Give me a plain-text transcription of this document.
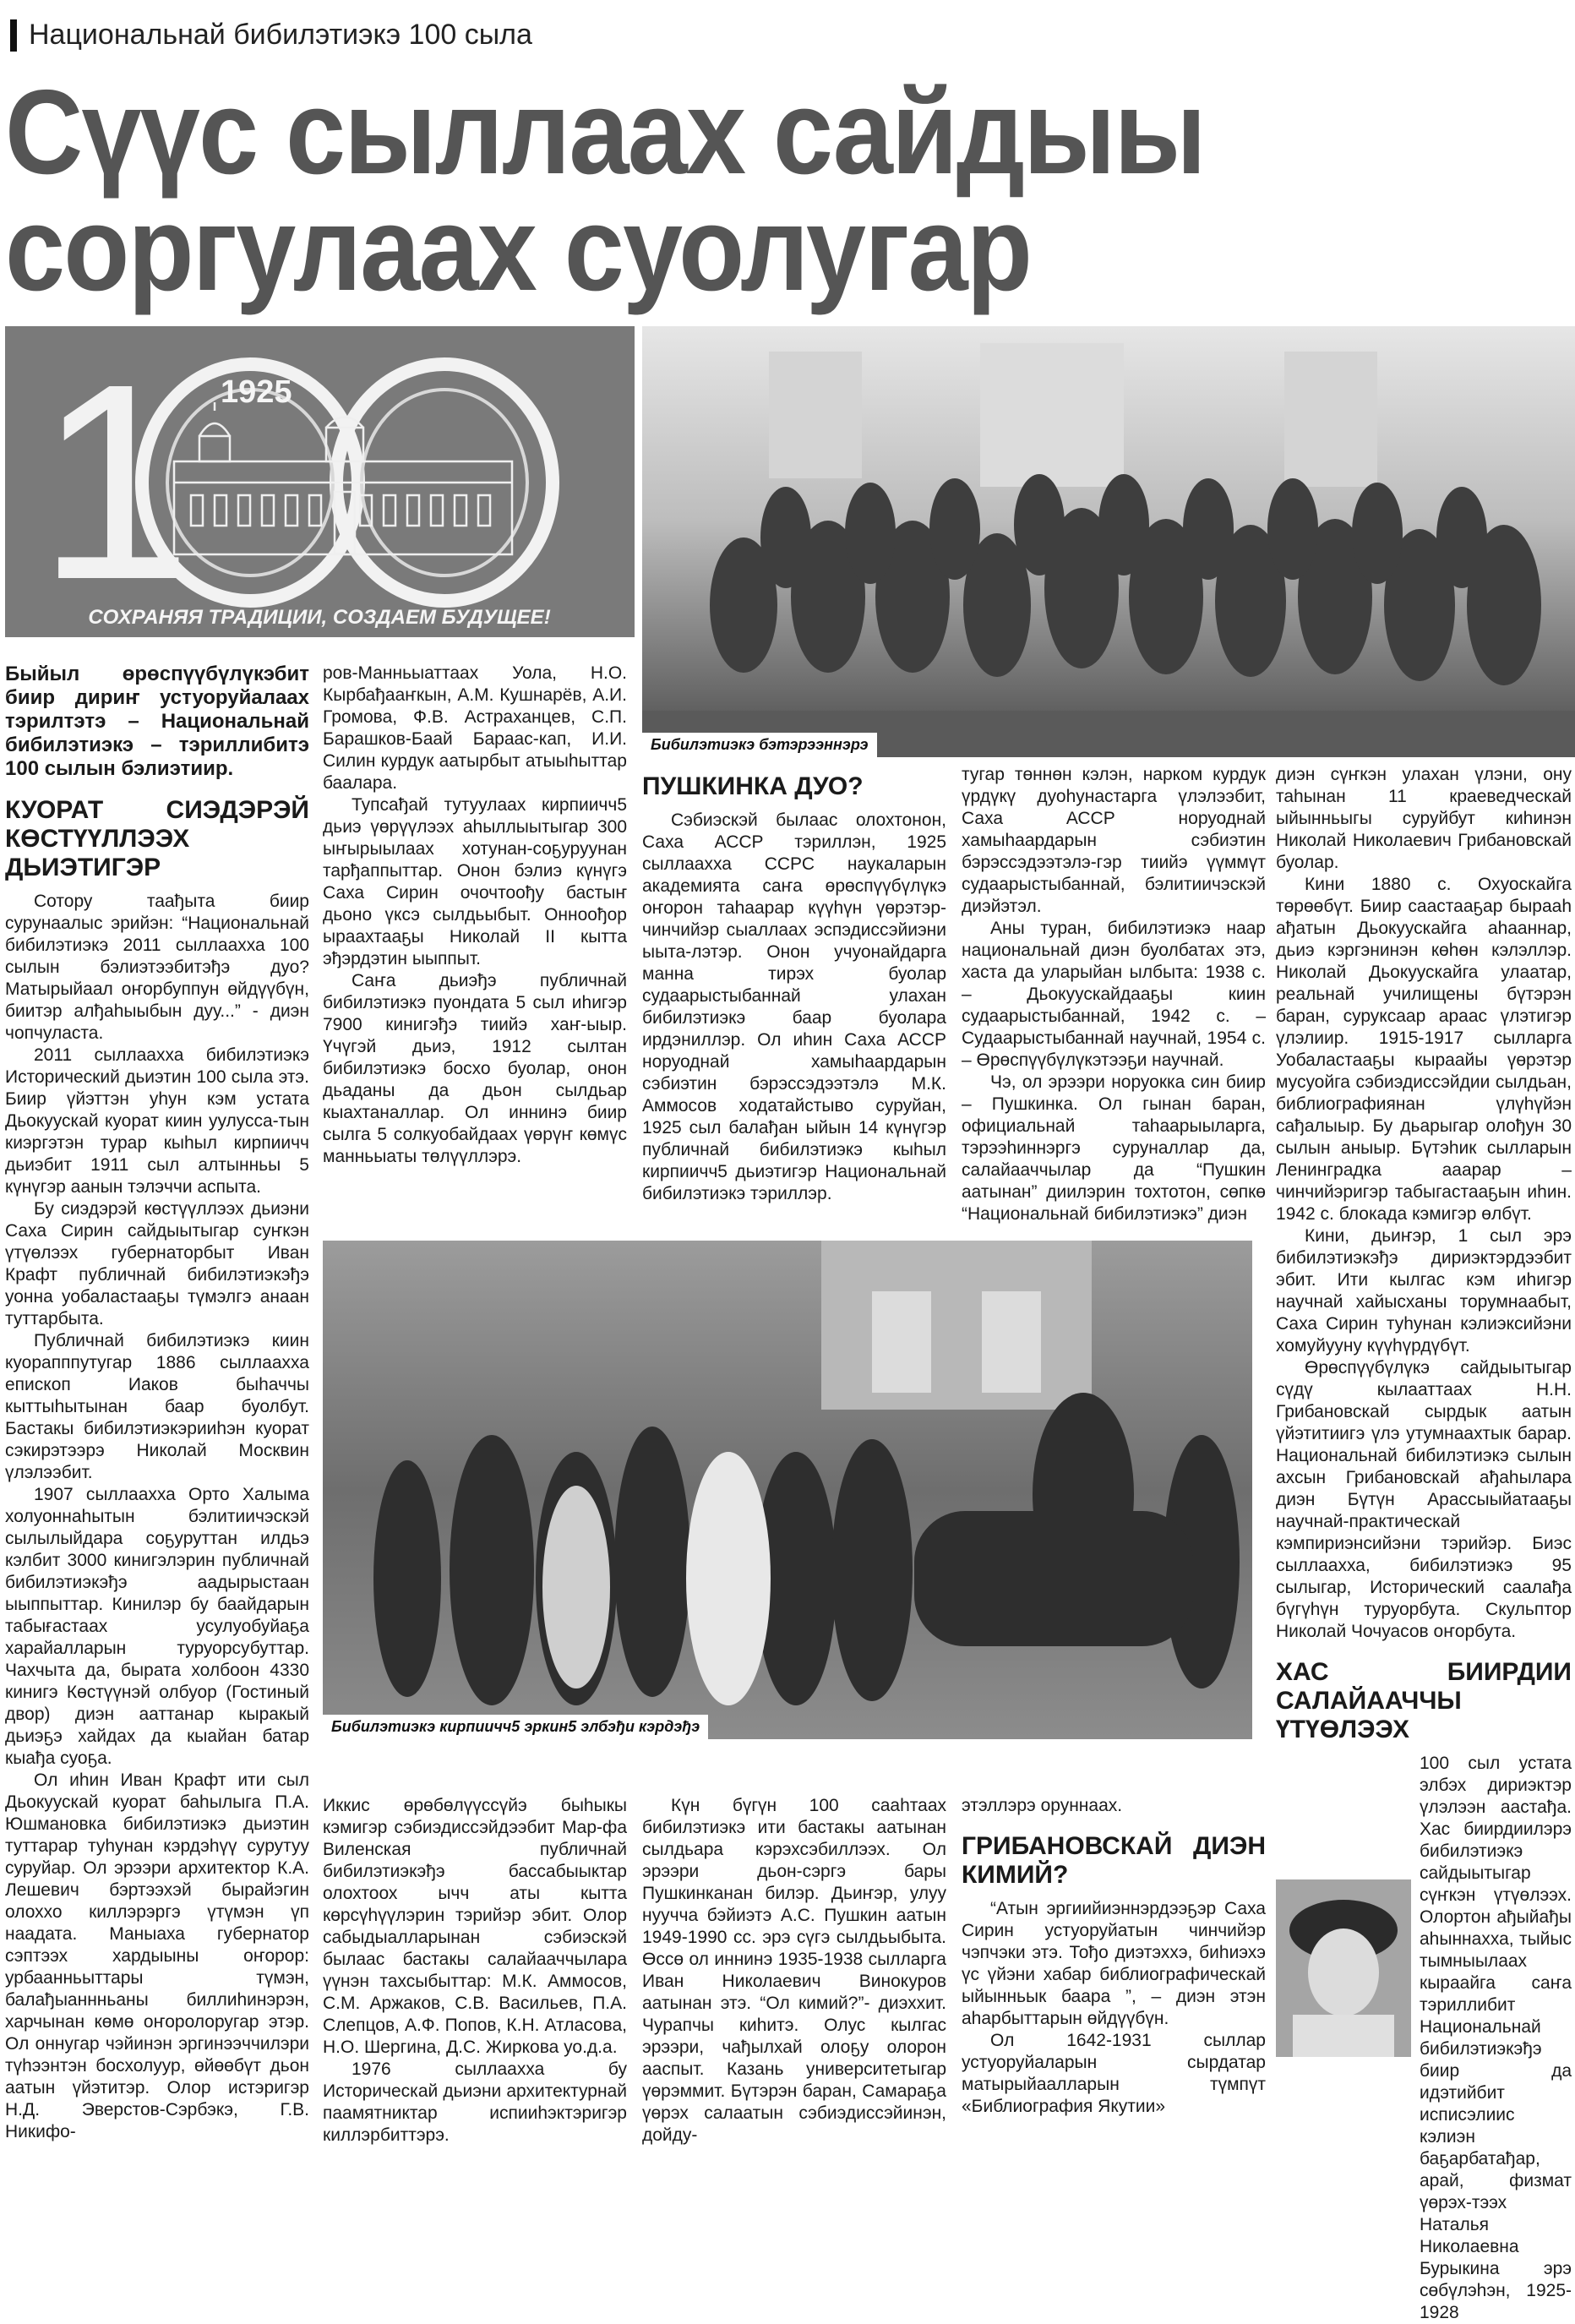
Национальнай бибилэтиэкэ 100 сыла
Сүүс сыллаах сайдыы
соргулаах суолугар
1 1925
СОХРАНЯЯ ТРАДИЦИИ, СОЗДАЕМ БУДУЩЕЕ!
Бибилэтиэкэ бэтэрээннэрэ
Бибилэтиэкэ кирпиичч5 эркин5 элбэђи кэрдэђэ
Быйыл өрөспүүбүлүкэбит биир дириҥ устуоруйалаах тэрилтэтэ – Национальнай бибилэтиэкэ – тэриллибитэ 100 сылын бэлиэтиир.
КУОРАТ СИЭДЭРЭЙ КӨСТҮҮЛЛЭЭХ ДЬИЭТИГЭР

Сотору таађыта биир сурунаалыс эрийэн: “Национальнай бибилэтиэкэ 2011 сыллаахха 100 сылын бэлиэтээбитэђэ дуо? Матырыйаал оҥорбуппун өйдүүбүн, биитэр алђаһыыбын дуу...” - диэн чопчуласта.

2011 сыллаахха бибилэтиэкэ Исторический дьиэтин 100 сыла этэ. Биир үйэттэн уһун кэм устата Дьокуускай куорат киин уулусса-тын киэргэтэн турар кыһыл кирпиичч дьиэбит 1911 сыл алтынньы 5 күнүгэр аанын тэлэччи аспыта.

Бу сиэдэрэй көстүүллээх дьиэни Саха Сирин сайдыытыгар суҥкэн үтүөлээх губернаторбыт Иван Крафт публичнай бибилэтиэкэђэ уонна уобаластааҕы түмэлгэ анаан туттарбыта.

Публичнай бибилэтиэкэ киин куорапппутугар 1886 сыллаахха епископ Иаков быһаччы кыттыһытынан баар буолбут. Бастакы бибилэтиэкэрииһэн куорат сэкирэтээрэ Николай Москвин үлэлээбит.

1907 сыллаахха Орто Халыма холуоннаһытын бэлитиичэскэй сылылыйдара соҕуруттан илдьэ кэлбит 3000 кинигэлэрин публичнай бибилэтиэкэђэ аадырыстаан ыыппыттар. Кинилэр бу баайдарын табығастаах усулуобуйаҕа харайалларын туруорсубуттар. Чахчыта да, бырата холбоон 4330 кинигэ Көстүүнэй олбуор (Гостиный двор) диэн ааттанар кыракый дьиэҕэ хайдах да кыайан батар кыађа суоҕа.

Ол иһин Иван Крафт ити сыл Дьокуускай куорат баһылыга П.А. Юшмановка бибилэтиэкэ дьиэтин туттарар туһунан кэрдэһүү сурутуу суруйар. Ол эрээри архитектор К.А. Лешевич бэртээхэй бырайэгин олоххо киллэрэргэ үтүмэн үп наадата. Маныаха губернатор сэптээх хардыыны оҥорор: урбаанньыттары түмэн, балађыаннньаны биллиһинэрэн, харчынан көмө оҥоролоругар этэр. Ол оннугар чэйинэн эргинээччилэри түһээнтэн босхолуур, өйөөбүт дьон аатын үйэтитэр. Олор истэригэр Н.Д. Эверстов-Сэрбэкэ, Г.В. Никифо-

ров-Манньыаттаах Уола, Н.О. Кырбађааҥкын, А.М. Кушнарёв, А.И. Громова, Ф.В. Астраханцев, С.П. Барашков-Баай Бараас-кап, И.И. Силин курдук аатырбыт атыыһыттар баалара.

Тупсађай тутуулаах кирпиичч5 дьиэ үөрүүлээх аһыллыытыгар 300 ыҥырыылаах хотунан-соҕуруунан тарђаппыттар. Онон бэлиэ күнүгэ Саха Сирин очочтоођу бастыҥ дьоно үксэ сылдьыбыт. Онноођор ыраахтааҕы Николай II кытта эђэрдэтин ыыппыт.

Саҥа дьиэђэ публичнай бибилэтиэкэ пуондата 5 сыл иһигэр 7900 кинигэђэ тиийэ хаҥ-ыыр. Үчүгэй дьиэ, 1912 сылтан бибилэтиэкэ босхо буолар, онон дьаданы да дьон сылдьар кыахтаналлар. Ол иннинэ биир сылга 5 солкуобайдаах үөрүҥ көмүс манньыаты төлүүллэрэ.

Иккис өрөбөлүүссүйэ быһыкы кэмигэр сэбиэдиссэйдээбит Мар-фа Виленская публичнай бибилэтиэкэђэ бассабыыктар олохтоох ычч аты кытта көрсүһүүлэрин тэрийэр эбит. Олор сабыдыалларынан сэбиэскэй былаас бастакы салайааччылара үүнэн тахсыбыттар: М.К. Аммосов, С.М. Аржаков, С.В. Васильев, П.А. Слепцов, А.Ф. Попов, К.Н. Атласова, Н.О. Шергина, Д.С. Жиркова уо.д.а.

1976 сыллаахха бу Историческай дьиэни архитектурнай паамятниктар испииһэктэригэр киллэрбиттэрэ.

ПУШКИНКА ДУО?

Сэбиэскэй былаас олохтонон, Саха АССР тэриллэн, 1925 сыллаахха ССРС наукаларын академията саҥа өрөспүүбүлүкэ оҥорон таһаарар күүһүн үөрэтэр-чинчийэр сыаллаах эспэдиссэйиэни ыыта-лэтэр. Онон учуонайдарга манна тирэх буолар судаарыстыбаннай улахан бибилэтиэкэ баар буолара ирдэниллэр. Ол иһин Саха АССР норуоднай хамыһаардарын сэбиэтин бэрэссэдээтэлэ М.К. Аммосов ходатайстыво суруйан, 1925 сыл балађан ыйын 14 күнүгэр публичнай бибилэтиэкэ кыһыл кирпиичч5 дьиэтигэр Национальнай бибилэтиэкэ тэриллэр.

Күн бүгүн 100 сааһтаах бибилэтиэкэ ити бастакы аатынан сылдьара кэрэхсэбиллээх. Ол эрээри дьон-сэргэ бары Пушкинканан билэр. Дьиҥэр, улуу нуучча бэйиэтэ А.С. Пушкин аатын 1949-1990 сс. эрэ сүгэ сылдьыбыта. Өссө ол иннинэ 1935-1938 сылларга Иван Николаевич Винокуров аатынан этэ. “Ол кимий?”- диэххит. Чурапчы киһитэ. Олус кылгас эрээри, чађылхай олоҕу олорон ааспыт. Казань университетыгар үөрэммит. Бүтэрэн баран, Самараҕа үөрэх салаатын сэбиэдиссэйинэн, дойду-

тугар төннөн кэлэн, нарком курдук үрдүкү дуоһунастарга үлэлээбит, Саха АССР норуоднай хамыһаардарын сэбиэтин бэрэссэдээтэлэ-гэр тиийэ үүммүт судаарыстыбаннай, бэлитиичэскэй диэйэтэл.

Аны туран, бибилэтиэкэ наар национальнай диэн буолбатах этэ, хаста да уларыйан ылбыта: 1938 с. – Дьокуускайдааҕы киин судаарыстыбаннай, 1942 с. – Судаарыстыбаннай научнай, 1954 с. – Өрөспүүбүлүкэтээҕи научнай.

Чэ, ол эрээри норуокка син биир – Пушкинка. Ол гынан баран, официальнай таһаарыыларга, тэрээһиннэргэ суруналлар да, салайааччылар да “Пушкин аатынан” диилэрин тохтотон, сөпкө “Национальнай бибилэтиэкэ” диэн

этэллэрэ оруннаах.

ГРИБАНОВСКАЙ ДИЭН КИМИЙ?

“Атын эргиийиэннэрдээҕэр Саха Сирин устуоруйатын чинчийэр чэпчэки этэ. Тођо диэтэххэ, биһиэхэ үс үйэни хабар библиографическай ыйынньык баара ”, – диэн этэн аһарбыттарын өйдүүбүн.

Ол 1642-1931 сыллар устуоруйаларын сырдатар матырыйаалларын түмпүт «Библиография Якутии»

диэн сүҥкэн улахан үлэни, ону таһынан 11 краеведческай ыйынньыгы суруйбут киһинэн Николай Николаевич Грибановскай буолар.

Кини 1880 с. Охуоскайга төрөөбүт. Биир саастааҕар бырааһ ађатын Дьокуускайга аһааннар, дьиэ кэргэнинэн көһөн кэлэллэр. Николай Дьокуускайга улаатар, реальнай училищены бүтэрэн баран, суруксаар араас үлэтигэр үлэлиир. 1915-1917 сылларга Уобаластааҕы кыраайы үөрэтэр мусуойга сэбиэдиссэйдии сылдьан, библиографиянан үлүһүйэн сађалыыр. Бу дьарыгар олођун 30 сылын аныыр. Бүтэһик сылларын Ленинградка ааарар – чинчийэригэр табыгастааҕын иһин. 1942 с. блокада кэмигэр өлбүт.

Кини, дьиҥэр, 1 сыл эрэ бибилэтиэкэђэ дириэктэрдээбит эбит. Ити кылгас кэм иһигэр научнай хайысханы торумнаабыт, Саха Сирин туһунан кэлиэксийэни хомуйууну күүһүрдүбүт.

Өрөспүүбүлүкэ сайдыытыгар сүдү кылааттаах Н.Н. Грибановскай сырдык аатын үйэтитиигэ үлэ утумнаахтык барар. Национальнай бибилэтиэкэ сылын ахсын Грибановскай ађаһылара диэн Бүтүн Арассыыйатааҕы научнай-практическай кэмпириэнсийэни тэрийэр. Биэс сыллаахха, бибилэтиэкэ 95 сылыгар, Исторический саалађа бүгүһүн туруорбута. Скульптор Николай Чочуасов оҥорбута.

ХАС БИИРДИИ САЛАЙААЧЧЫ ҮТҮӨЛЭЭХ

100 сыл устата элбэх дириэктэр үлэлээн аастађа. Хас биирдиилэрэ бибилэтиэкэ сайдыытыгар сүҥкэн үтүөлээх. Олортон ађыйађы аһыннахха, тыйыс тымныылаах кыраайга саҥа тэриллибит Национальнай бибилэтиэкэђэ биир да идэтийбит исписэлиис кэлиэн баҕарбатађар, арай, физмат үөрэх-тээх Наталья Николаевна Бурыкина эрэ сөбүлэһэн, 1925-1928
